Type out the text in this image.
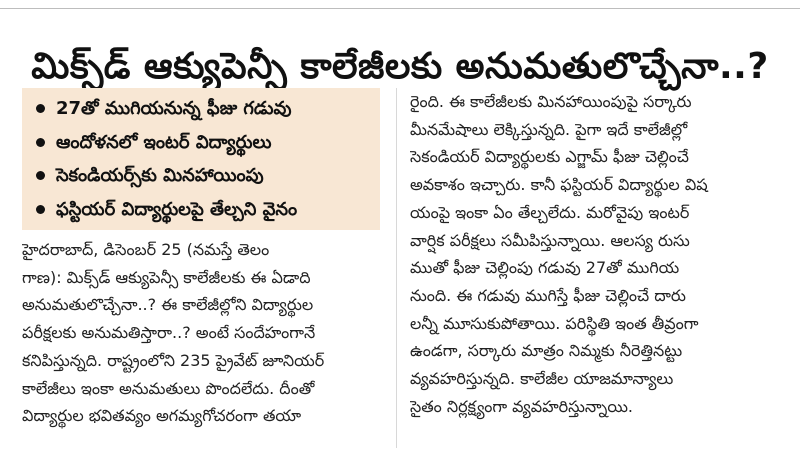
మిక్స్‌డ్ ఆక్యుపెన్సీ కాలేజీలకు అనుమతులొచ్చేనా..?
27తో ముగియనున్న ఫీజు గడువు
ఆందోళనలో ఇంటర్ విద్యార్థులు
సెకండియర్స్‌కు మినహాయింపు
ఫస్టియర్ విద్యార్థులపై తేల్చని వైనం
హైదరాబాద్, డిసెంబర్ 25 (నమస్తే తెలం
గాణ): మిక్స్‌డ్ ఆక్యుపెన్సీ కాలేజీలకు ఈ ఏడాది
అనుమతులొచ్చేనా..? ఈ కాలేజీల్లోని విద్యార్థుల
పరీక్షలకు అనుమతిస్తారా..? అంటే సందేహంగానే
కనిపిస్తున్నది. రాష్ట్రంలోని 235 ప్రైవేట్ జూనియర్
కాలేజీలు ఇంకా అనుమతులు పొందలేదు. దీంతో
విద్యార్థుల భవితవ్యం అగమ్యగోచరంగా తయా
రైంది. ఈ కాలేజీలకు మినహాయింపుపై సర్కారు
మీనమేషాలు లెక్కిస్తున్నది. పైగా ఇదే కాలేజీల్లో
సెకండియర్ విద్యార్థులకు ఎగ్జామ్ ఫీజు చెల్లించే
అవకాశం ఇచ్చారు. కానీ ఫస్టియర్ విద్యార్థుల విష
యంపై ఇంకా ఏం తేల్చలేదు. మరోవైపు ఇంటర్
వార్షిక పరీక్షలు సమీపిస్తున్నాయి. ఆలస్య రుసు
ముతో ఫీజు చెల్లింపు గడువు 27తో ముగియ
నుంది. ఈ గడువు ముగిస్తే ఫీజు చెల్లించే దారు
లన్నీ మూసుకుపోతాయి. పరిస్థితి ఇంత తీవ్రంగా
ఉండగా, సర్కారు మాత్రం నిమ్మకు నీరెత్తినట్టు
వ్యవహరిస్తున్నది. కాలేజీల యాజమాన్యాలు
సైతం నిర్లక్ష్యంగా వ్యవహరిస్తున్నాయి.
